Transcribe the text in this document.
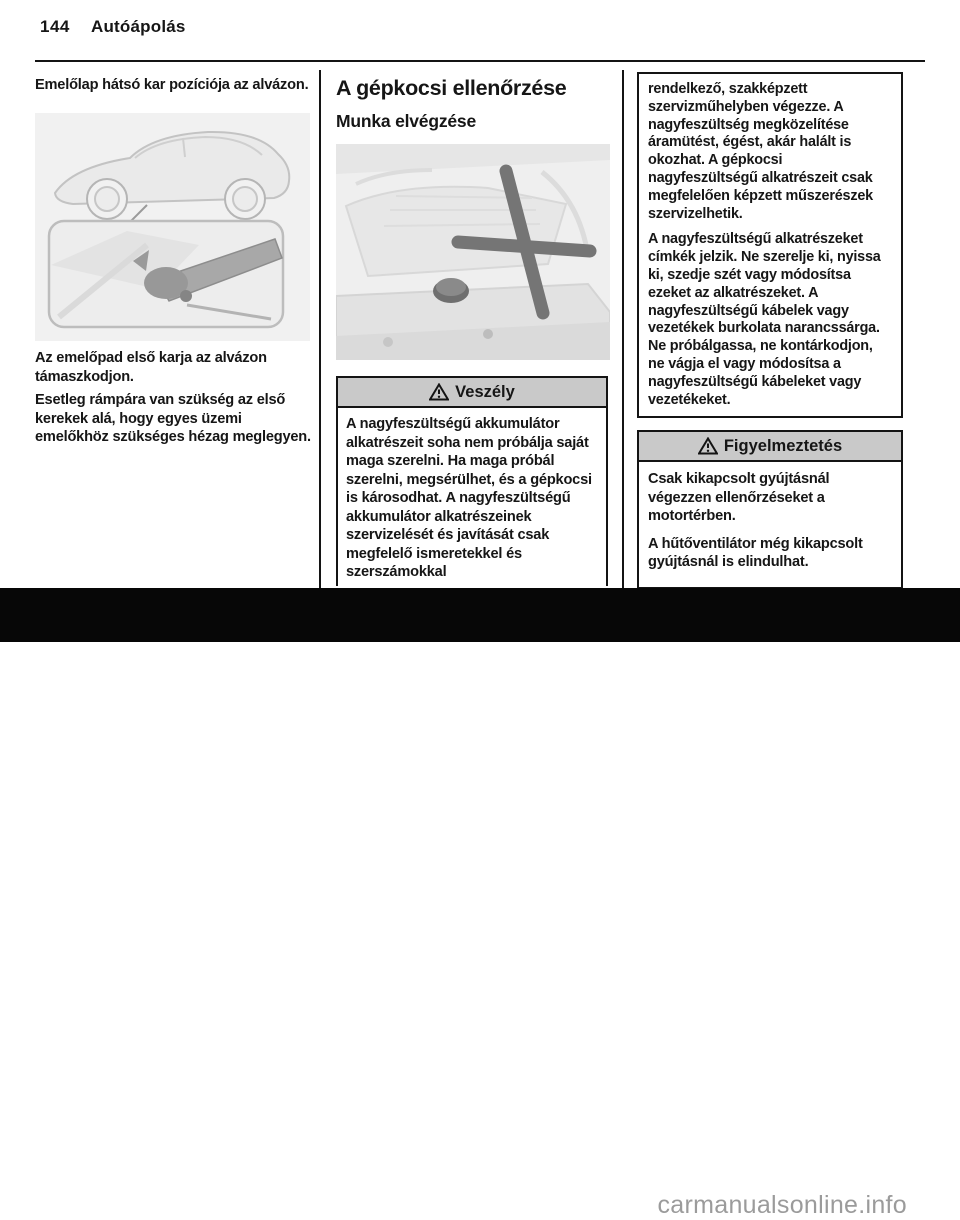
144 Autóápolás
Emelőlap hátsó kar pozíciója az alvázon.
Az emelőpad első karja az alvázon támaszkodjon.
Esetleg rámpára van szükség az első kerekek alá, hogy egyes üzemi emelőkhöz szükséges hézag meglegyen.
A gépkocsi ellenőrzése
Munka elvégzése
Veszély
A nagyfeszültségű akkumulátor alkatrészeit soha nem próbálja saját maga szerelni. Ha maga próbál szerelni, megsérülhet, és a gépkocsi is károsodhat. A nagyfeszültségű akkumulátor alkatrészeinek szervizelését és javítását csak megfelelő ismeretekkel és szerszámokkal

rendelkező, szakképzett szervizműhelyben végezze. A nagyfeszültség megközelítése áramütést, égést, akár halált is okozhat. A gépkocsi nagyfeszültségű alkatrészeit csak megfelelően képzett műszerészek szervizelhetik.

A nagyfeszültségű alkatrészeket címkék jelzik. Ne szerelje ki, nyissa ki, szedje szét vagy módosítsa ezeket az alkatrészeket. A nagyfeszültségű kábelek vagy vezetékek burkolata narancssárga. Ne próbálgassa, ne kontárkodjon, ne vágja el vagy módosítsa a nagyfeszültségű kábeleket vagy vezetékeket.

Figyelmeztetés

Csak kikapcsolt gyújtásnál végezzen ellenőrzéseket a motortérben.

A hűtőventilátor még kikapcsolt gyújtásnál is elindulhat.

carmanualsonline.info
